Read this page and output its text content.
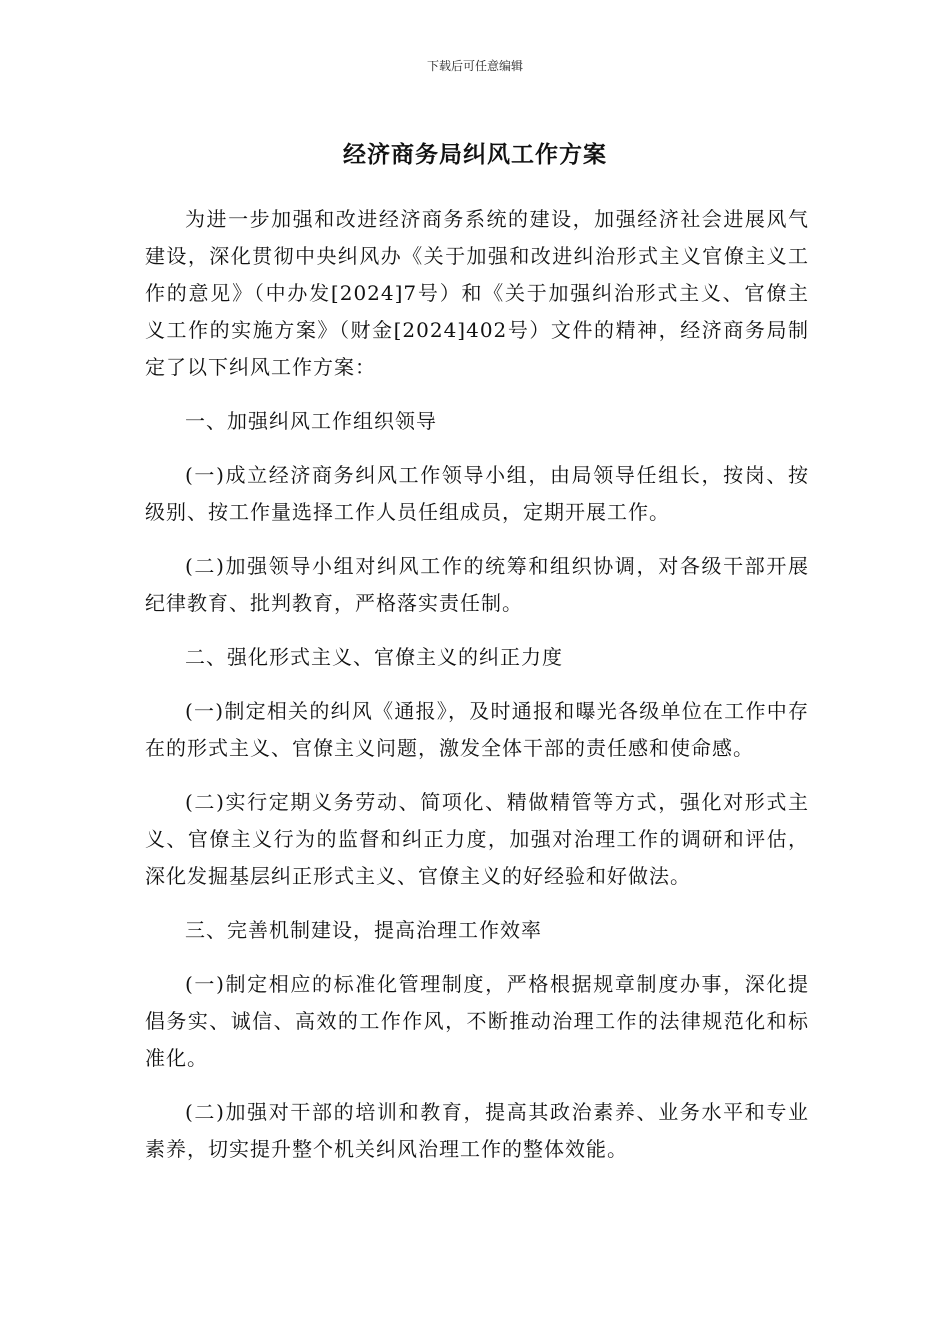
下载后可任意编辑
经济商务局纠风工作方案

为进一步加强和改进经济商务系统的建设，加强经济社会进展风气建设，深化贯彻中央纠风办《关于加强和改进纠治形式主义官僚主义工作的意见》（中办发[2024]7号）和《关于加强纠治形式主义、官僚主义工作的实施方案》（财金[2024]402号）文件的精神，经济商务局制定了以下纠风工作方案：

一、加强纠风工作组织领导

(一)成立经济商务纠风工作领导小组，由局领导任组长，按岗、按级别、按工作量选择工作人员任组成员，定期开展工作。

(二)加强领导小组对纠风工作的统筹和组织协调，对各级干部开展纪律教育、批判教育，严格落实责任制。

二、强化形式主义、官僚主义的纠正力度

(一)制定相关的纠风《通报》，及时通报和曝光各级单位在工作中存在的形式主义、官僚主义问题，激发全体干部的责任感和使命感。

(二)实行定期义务劳动、简项化、精做精管等方式，强化对形式主义、官僚主义行为的监督和纠正力度，加强对治理工作的调研和评估，深化发掘基层纠正形式主义、官僚主义的好经验和好做法。

三、完善机制建设，提高治理工作效率

(一)制定相应的标准化管理制度，严格根据规章制度办事，深化提倡务实、诚信、高效的工作作风，不断推动治理工作的法律规范化和标准化。

(二)加强对干部的培训和教育，提高其政治素养、业务水平和专业素养，切实提升整个机关纠风治理工作的整体效能。
